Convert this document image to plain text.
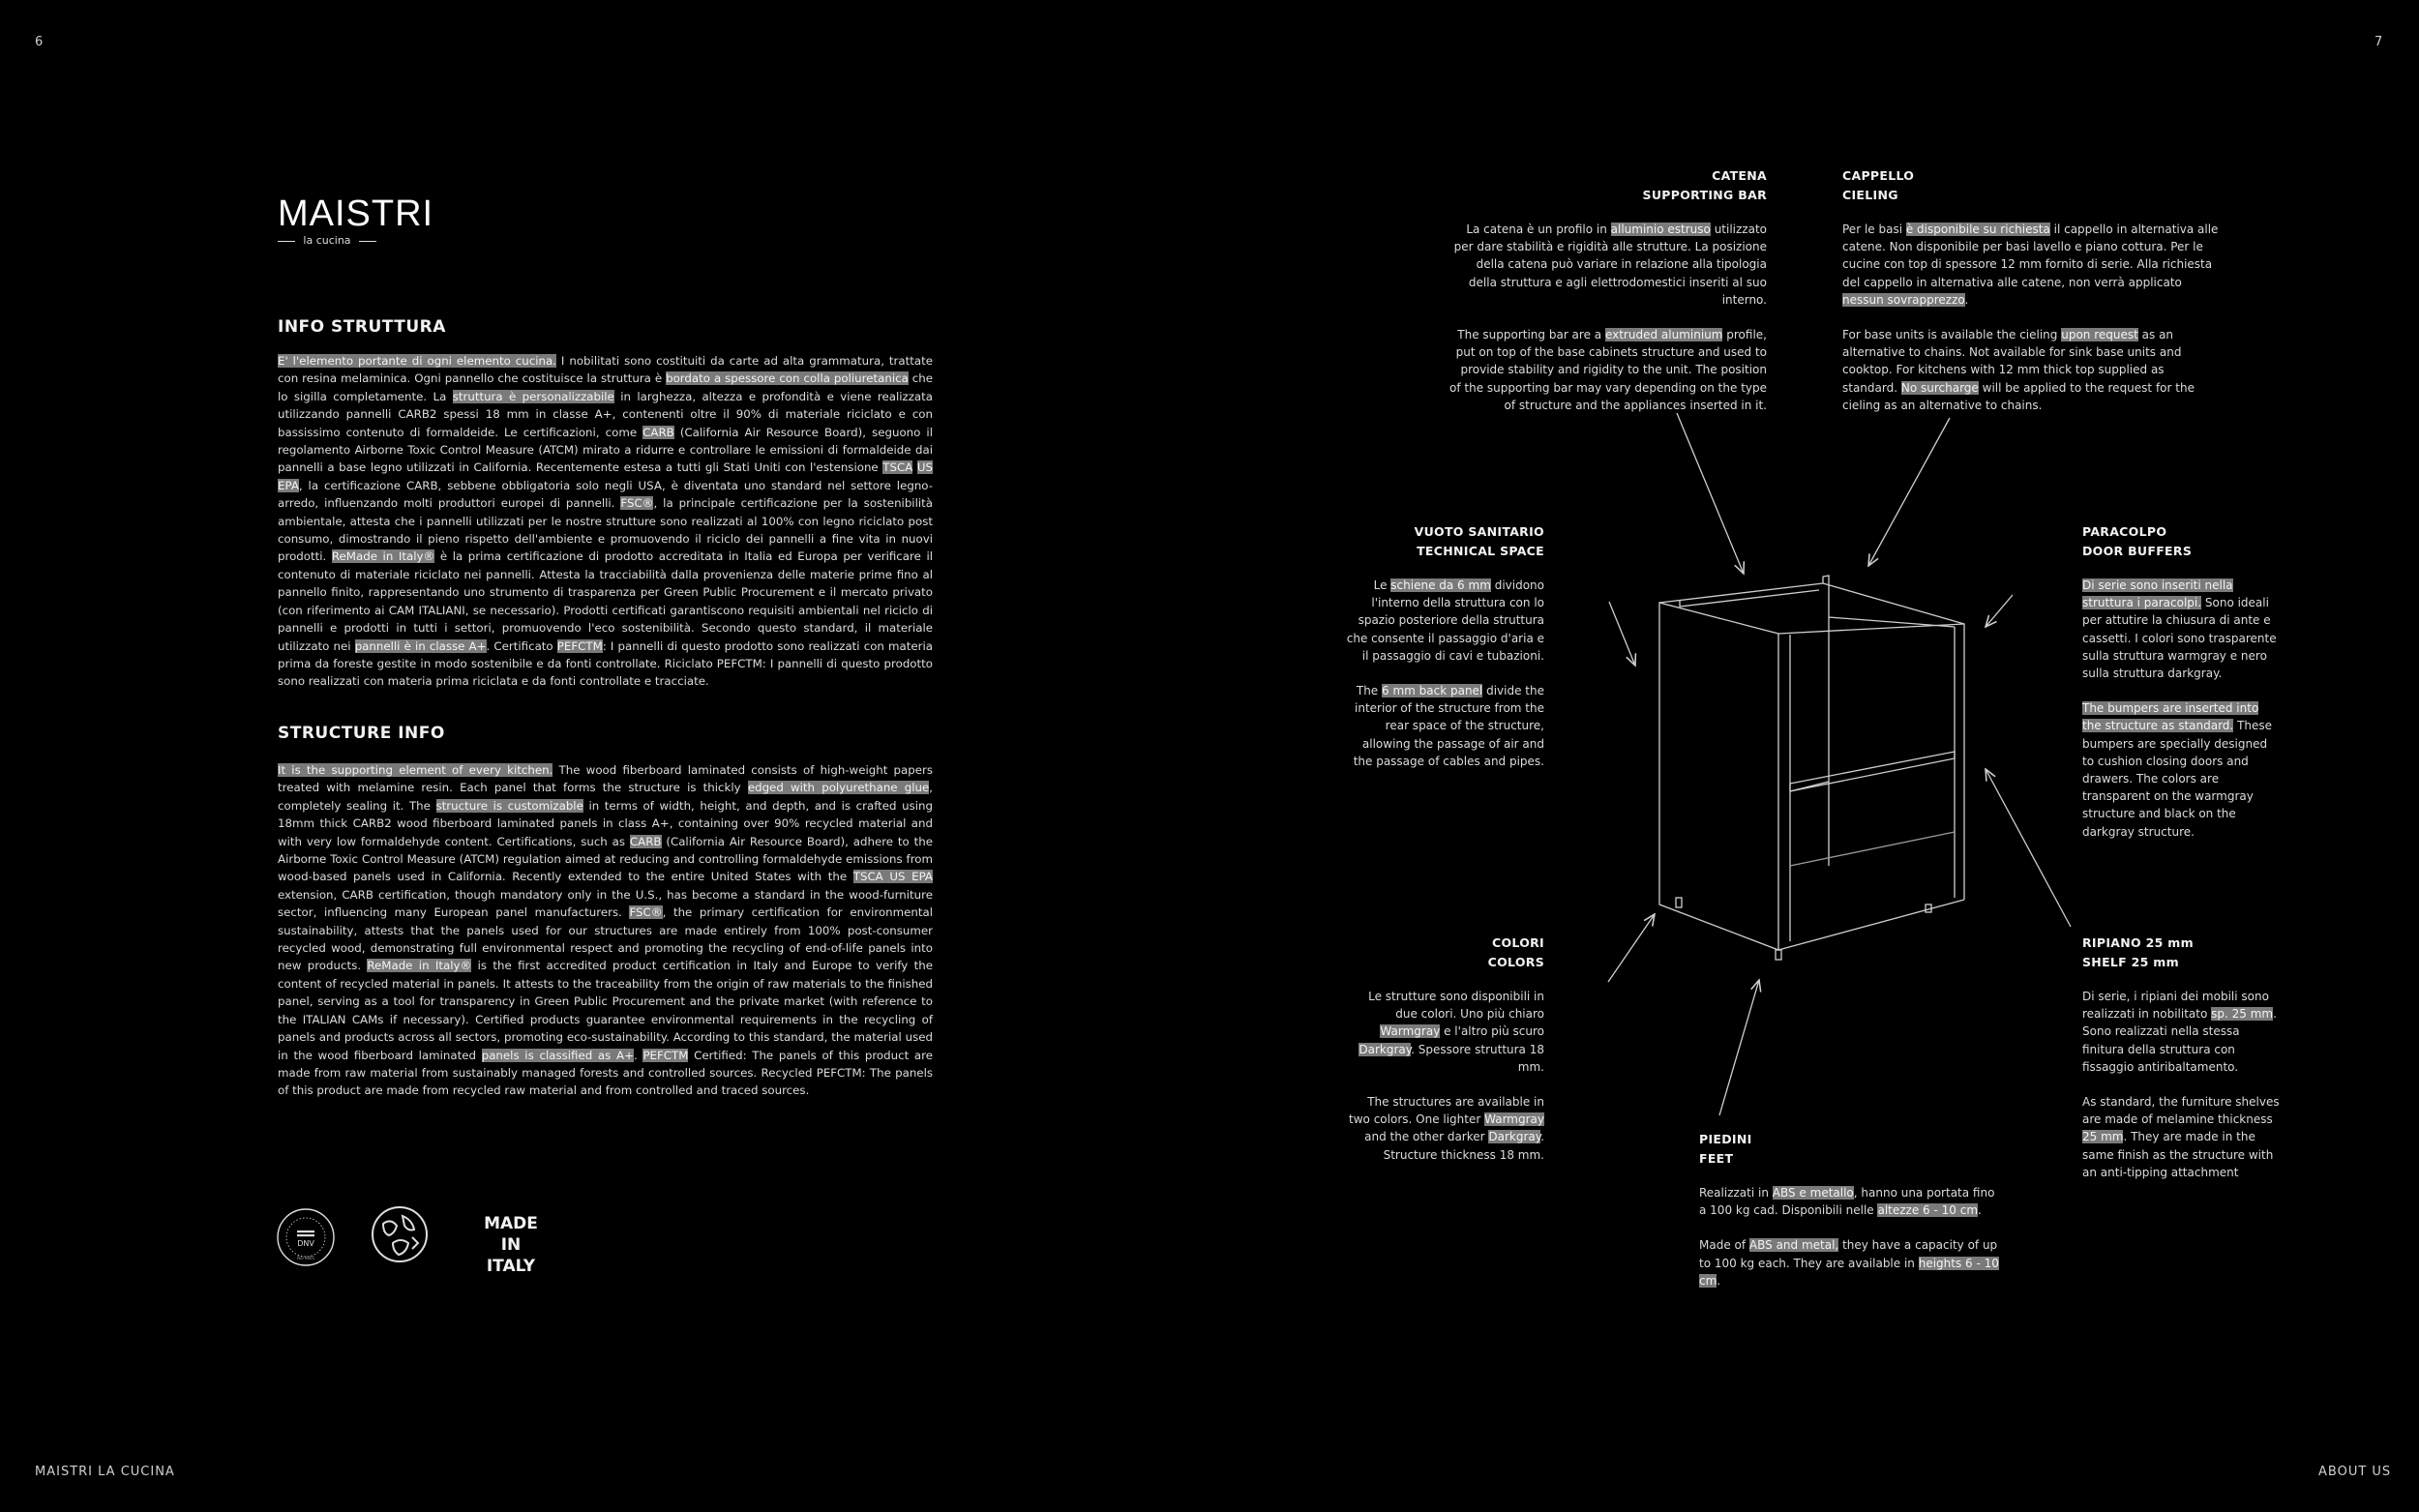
6	7
MAISTRI
la cucina
INFO STRUTTURA
E' l'elemento portante di ogni elemento cucina. I nobilitati sono costituiti da carte ad alta grammatura, trattate con resina melaminica. Ogni pannello che costituisce la struttura è bordato a spessore con colla poliuretanica che lo sigilla completamente. La struttura è personalizzabile in larghezza, altezza e profondità e viene realizzata utilizzando pannelli CARB2 spessi 18 mm in classe A+, contenenti oltre il 90% di materiale riciclato e con bassissimo contenuto di formaldeide. Le certificazioni, come CARB (California Air Resource Board), seguono il regolamento Airborne Toxic Control Measure (ATCM) mirato a ridurre e controllare le emissioni di formaldeide dai pannelli a base legno utilizzati in California. Recentemente estesa a tutti gli Stati Uniti con l'estensione TSCA US EPA, la certificazione CARB, sebbene obbligatoria solo negli USA, è diventata uno standard nel settore legno-arredo, influenzando molti produttori europei di pannelli. FSC®, la principale certificazione per la sostenibilità ambientale, attesta che i pannelli utilizzati per le nostre strutture sono realizzati al 100% con legno riciclato post consumo, dimostrando il pieno rispetto dell'ambiente e promuovendo il riciclo dei pannelli a fine vita in nuovi prodotti. ReMade in Italy® è la prima certificazione di prodotto accreditata in Italia ed Europa per verificare il contenuto di materiale riciclato nei pannelli. Attesta la tracciabilità dalla provenienza delle materie prime fino al pannello finito, rappresentando uno strumento di trasparenza per Green Public Procurement e il mercato privato (con riferimento ai CAM ITALIANI, se necessario). Prodotti certificati garantiscono requisiti ambientali nel riciclo di pannelli e prodotti in tutti i settori, promuovendo l'eco sostenibilità. Secondo questo standard, il materiale utilizzato nei pannelli è in classe A+. Certificato PEFCTM: I pannelli di questo prodotto sono realizzati con materia prima da foreste gestite in modo sostenibile e da fonti controllate. Riciclato PEFCTM: I pannelli di questo prodotto sono realizzati con materia prima riciclata e da fonti controllate e tracciate.
STRUCTURE INFO
It is the supporting element of every kitchen. The wood fiberboard laminated consists of high-weight papers treated with melamine resin. Each panel that forms the structure is thickly edged with polyurethane glue, completely sealing it. The structure is customizable in terms of width, height, and depth, and is crafted using 18mm thick CARB2 wood fiberboard laminated panels in class A+, containing over 90% recycled material and with very low formaldehyde content. Certifications, such as CARB (California Air Resource Board), adhere to the Airborne Toxic Control Measure (ATCM) regulation aimed at reducing and controlling formaldehyde emissions from wood-based panels used in California. Recently extended to the entire United States with the TSCA US EPA extension, CARB certification, though mandatory only in the U.S., has become a standard in the wood-furniture sector, influencing many European panel manufacturers. FSC®, the primary certification for environmental sustainability, attests that the panels used for our structures are made entirely from 100% post-consumer recycled wood, demonstrating full environmental respect and promoting the recycling of end-of-life panels into new products. ReMade in Italy® is the first accredited product certification in Italy and Europe to verify the content of recycled material in panels. It attests to the traceability from the origin of raw materials to the finished panel, serving as a tool for transparency in Green Public Procurement and the private market (with reference to the ITALIAN CAMs if necessary). Certified products guarantee environmental requirements in the recycling of panels and products across all sectors, promoting eco-sustainability. According to this standard, the material used in the wood fiberboard laminated panels is classified as A+. PEFCTM Certified: The panels of this product are made from raw material from sustainably managed forests and controlled sources. Recycled PEFCTM: The panels of this product are made from recycled raw material and from controlled and traced sources.
DNV
ISO 9001
MADE IN
ITALY
MAISTRI LA CUCINA	ABOUT US
CATENA
SUPPORTING BAR

La catena è un profilo in alluminio estruso utilizzato per dare stabilità e rigidità alle strutture. La posizione della catena può variare in relazione alla tipologia della struttura e agli elettrodomestici inseriti al suo interno.

The supporting bar are a extruded aluminium profile, put on top of the base cabinets structure and used to provide stability and rigidity to the unit. The position of the supporting bar may vary depending on the type of structure and the appliances inserted in it.

CAPPELLO
CIELING

Per le basi è disponibile su richiesta il cappello in alternativa alle catene. Non disponibile per basi lavello e piano cottura. Per le cucine con top di spessore 12 mm fornito di serie. Alla richiesta del cappello in alternativa alle catene, non verrà applicato nessun sovrapprezzo.

For base units is available the cieling upon request as an alternative to chains. Not available for sink base units and cooktop. For kitchens with 12 mm thick top supplied as standard. No surcharge will be applied to the request for the cieling as an alternative to chains.

VUOTO SANITARIO
TECHNICAL SPACE

Le schiene da 6 mm dividono l'interno della struttura con lo spazio posteriore della struttura che consente il passaggio d'aria e il passaggio di cavi e tubazioni.

The 6 mm back panel divide the interior of the structure from the rear space of the structure, allowing the passage of air and the passage of cables and pipes.

PARACOLPO
DOOR BUFFERS

Di serie sono inseriti nella struttura i paracolpi. Sono ideali per attutire la chiusura di ante e cassetti. I colori sono trasparente sulla struttura warmgray e nero sulla struttura darkgray.

The bumpers are inserted into the structure as standard. These bumpers are specially designed to cushion closing doors and drawers. The colors are transparent on the warmgray structure and black on the darkgray structure.

COLORI
COLORS

Le strutture sono disponibili in due colori. Uno più chiaro Warmgray e l'altro più scuro Darkgray. Spessore struttura 18 mm.

The structures are available in two colors. One lighter Warmgray and the other darker Darkgray. Structure thickness 18 mm.

RIPIANO 25 mm
SHELF 25 mm

Di serie, i ripiani dei mobili sono realizzati in nobilitato sp. 25 mm. Sono realizzati nella stessa finitura della struttura con fissaggio antiribaltamento.

As standard, the furniture shelves are made of melamine thickness 25 mm. They are made in the same finish as the structure with an anti-tipping attachment

PIEDINI
FEET

Realizzati in ABS e metallo, hanno una portata fino a 100 kg cad. Disponibili nelle altezze 6 - 10 cm.

Made of ABS and metal, they have a capacity of up to 100 kg each. They are available in heights 6 - 10 cm.
